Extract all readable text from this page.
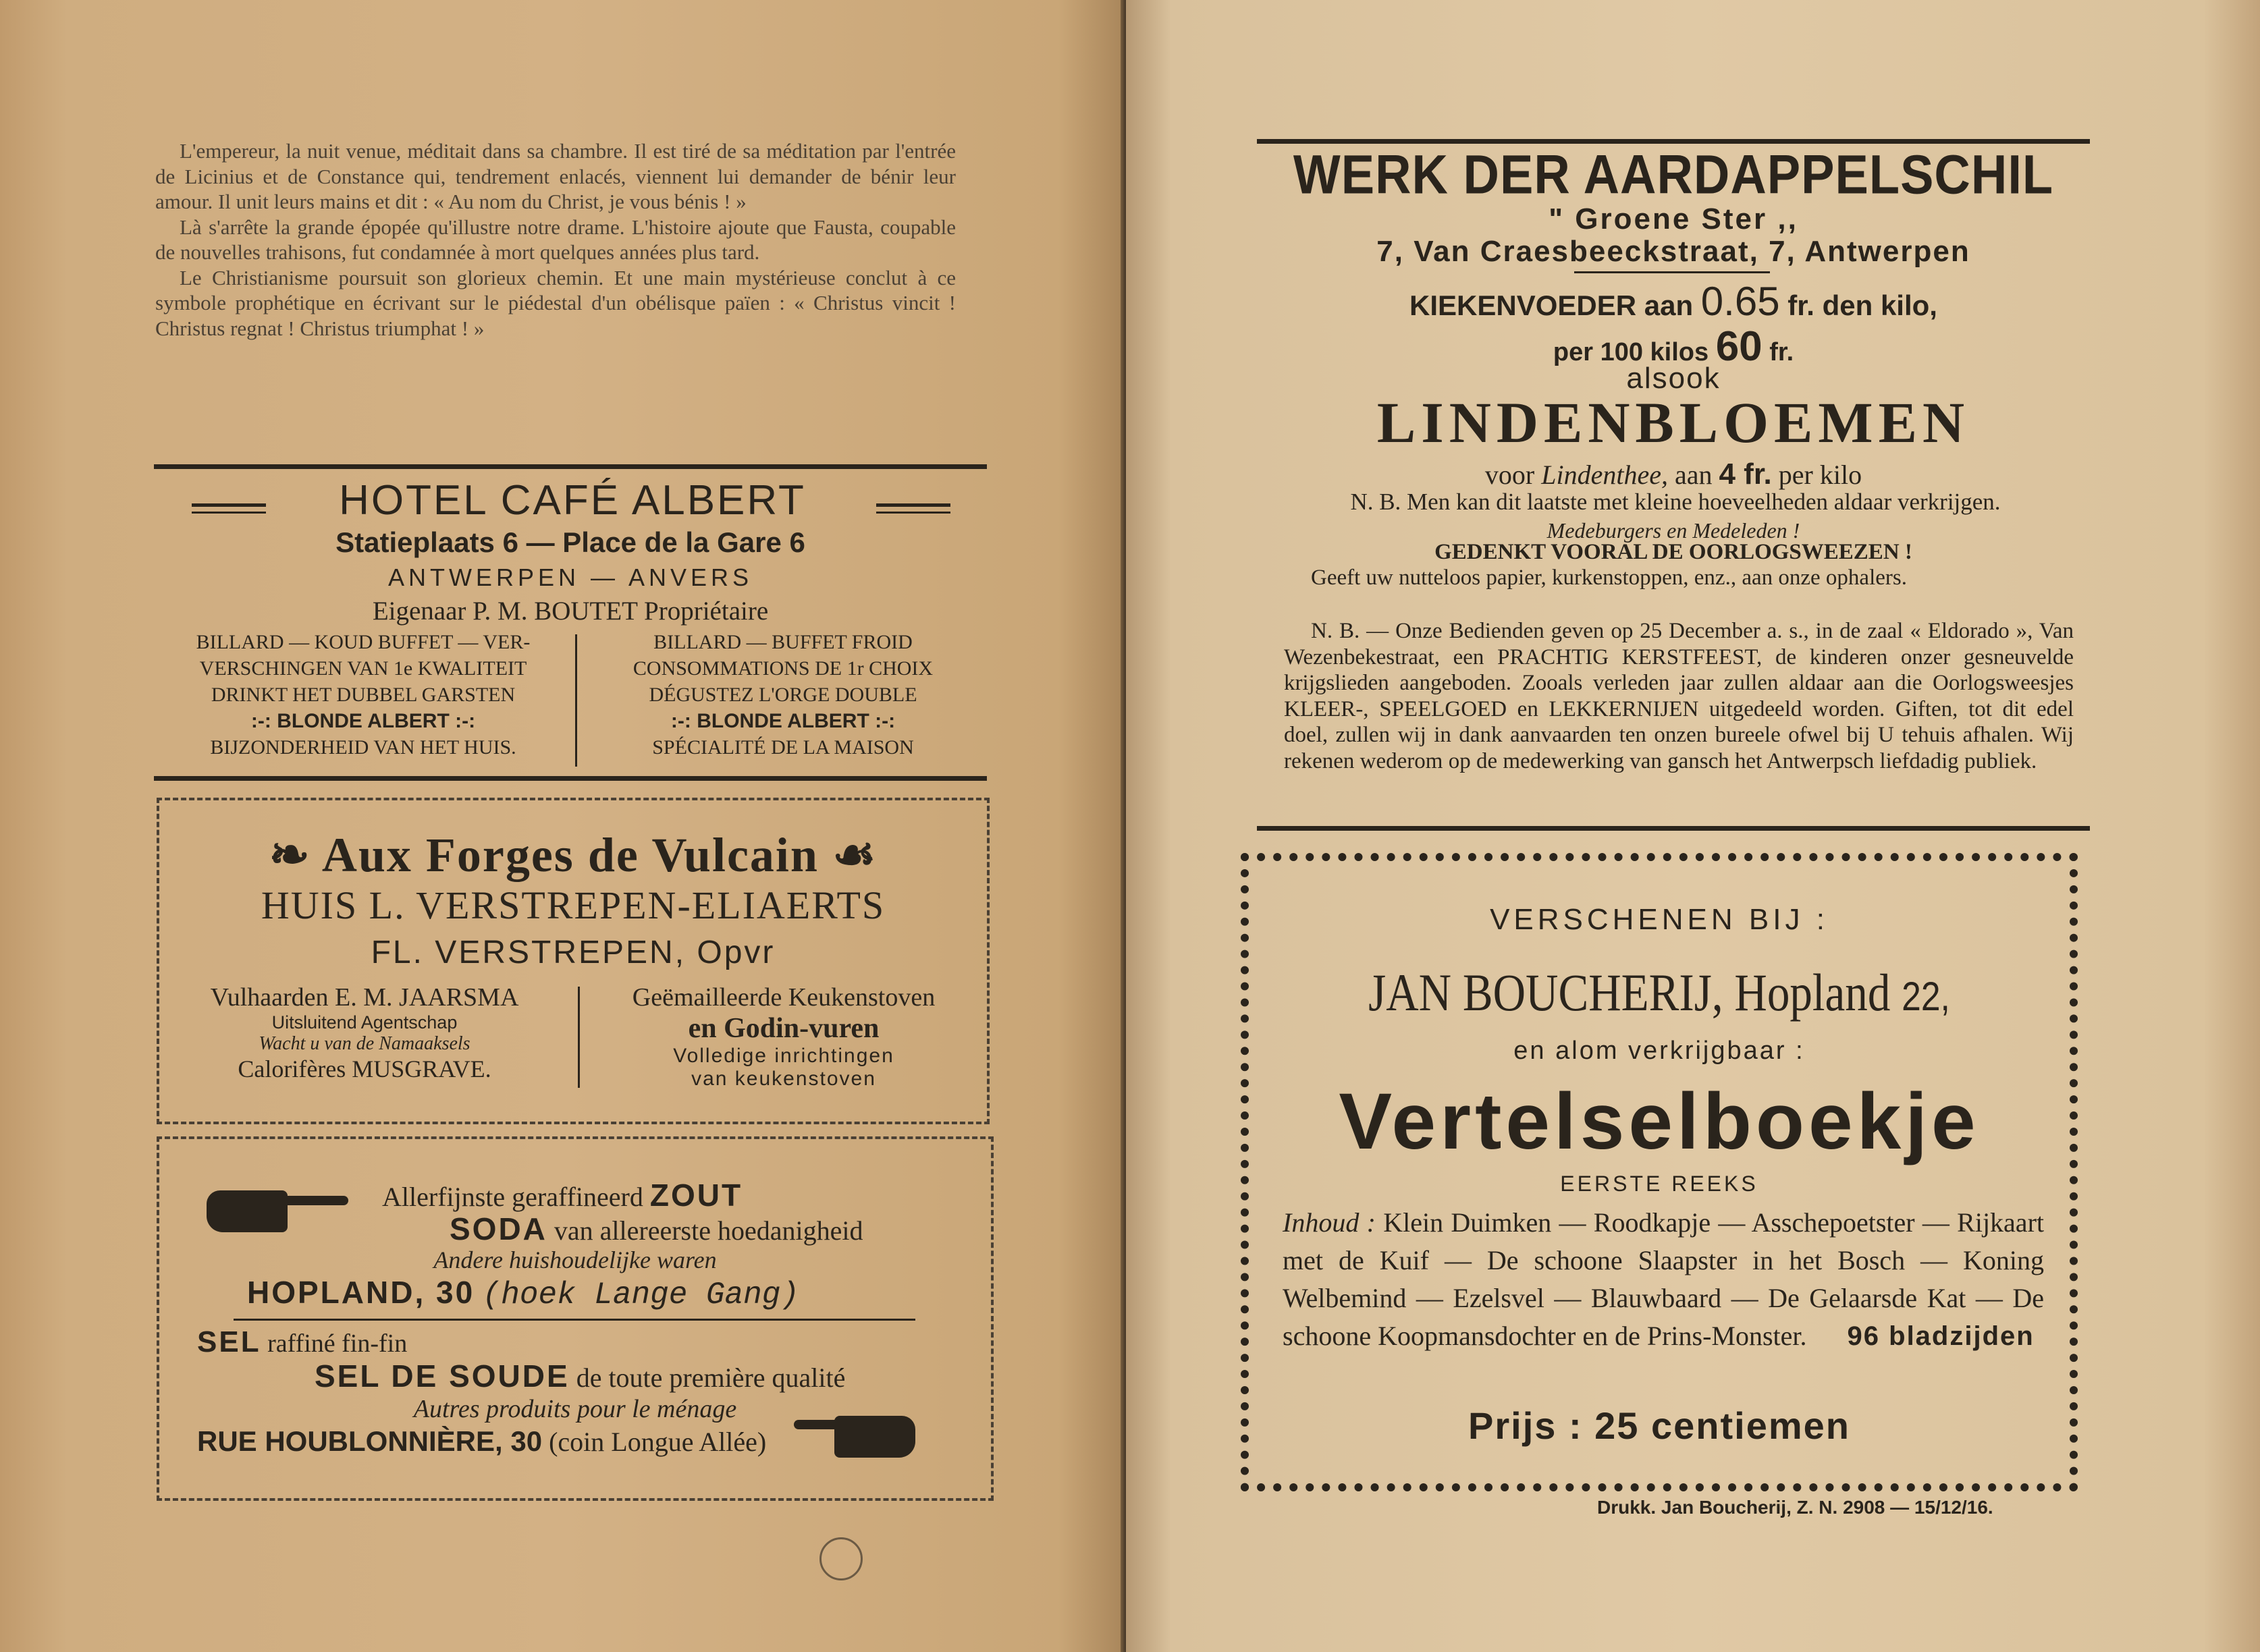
L'empereur, la nuit venue, méditait dans sa chambre. Il est tiré de sa méditation par l'entrée de Licinius et de Constance qui, tendrement enlacés, viennent lui demander de bénir leur amour. Il unit leurs mains et dit : « Au nom du Christ, je vous bénis ! »

Là s'arrête la grande épopée qu'illustre notre drame. L'histoire ajoute que Fausta, coupable de nouvelles trahisons, fut condamnée à mort quelques années plus tard.

Le Christianisme poursuit son glorieux chemin. Et une main mystérieuse conclut à ce symbole prophétique en écrivant sur le piédestal d'un obélisque païen : « Christus vincit ! Christus regnat ! Christus triumphat ! »

HOTEL CAFÉ ALBERT
Statieplaats 6 — Place de la Gare 6
ANTWERPEN — ANVERS
Eigenaar P. M. BOUTET Propriétaire
BILLARD — KOUD BUFFET — VER-
VERSCHINGEN VAN 1e KWALITEIT
DRINKT HET DUBBEL GARSTEN
:-: BLONDE ALBERT :-:
BIJZONDERHEID VAN HET HUIS.
BILLARD — BUFFET FROID
CONSOMMATIONS DE 1r CHOIX
DÉGUSTEZ L'ORGE DOUBLE
:-: BLONDE ALBERT :-:
SPÉCIALITÉ DE LA MAISON
❧ Aux Forges de Vulcain ☙
HUIS L. VERSTREPEN-ELIAERTS
FL. VERSTREPEN, Opvr
Vulhaarden E. M. JAARSMA
Uitsluitend Agentschap
Wacht u van de Namaaksels
Calorifères MUSGRAVE.
Geëmailleerde Keukenstoven
en Godin-vuren
Volledige inrichtingen
van keukenstoven
Allerfijnste geraffineerd ZOUT
SODA van allereerste hoedanigheid
Andere huishoudelijke waren
HOPLAND, 30 (hoek Lange Gang)
SEL raffiné fin-fin
SEL DE SOUDE de toute première qualité
Autres produits pour le ménage
RUE HOUBLONNIÈRE, 30 (coin Longue Allée)
WERK DER AARDAPPELSCHIL
" Groene Ster ,,
7, Van Craesbeeckstraat, 7, Antwerpen
KIEKENVOEDER aan 0.65 fr. den kilo,
per 100 kilos 60 fr.
alsook
LINDENBLOEMEN
voor Lindenthee, aan 4 fr. per kilo
N. B. Men kan dit laatste met kleine hoeveelheden aldaar verkrijgen.
Medeburgers en Medeleden !
GEDENKT VOORAL DE OORLOGSWEEZEN !
Geeft uw nutteloos papier, kurkenstoppen, enz., aan onze ophalers.
N. B. — Onze Bedienden geven op 25 December a. s., in de zaal « Eldorado », Van Wezenbekestraat, een PRACHTIG KERSTFEEST, de kinderen onzer gesneuvelde krijgslieden aangeboden. Zooals verleden jaar zullen aldaar aan die Oorlogsweesjes KLEER-, SPEELGOED en LEKKERNIJEN uitgedeeld worden. Giften, tot dit edel doel, zullen wij in dank aanvaarden ten onzen bureele ofwel bij U tehuis afhalen. Wij rekenen wederom op de medewerking van gansch het Antwerpsch liefdadig publiek.
VERSCHENEN BIJ :
JAN BOUCHERIJ, Hopland 22,
en alom verkrijgbaar :
Vertelselboekje
EERSTE REEKS
Inhoud : Klein Duimken — Roodkapje — Asschepoetster — Rijkaart met de Kuif — De schoone Slaapster in het Bosch — Koning Welbemind — Ezelsvel — Blauwbaard — De Gelaarsde Kat — De schoone Koopmansdochter en de Prins-Monster. 96 bladzijden
Prijs : 25 centiemen
Drukk. Jan Boucherij, Z. N. 2908 — 15/12/16.
